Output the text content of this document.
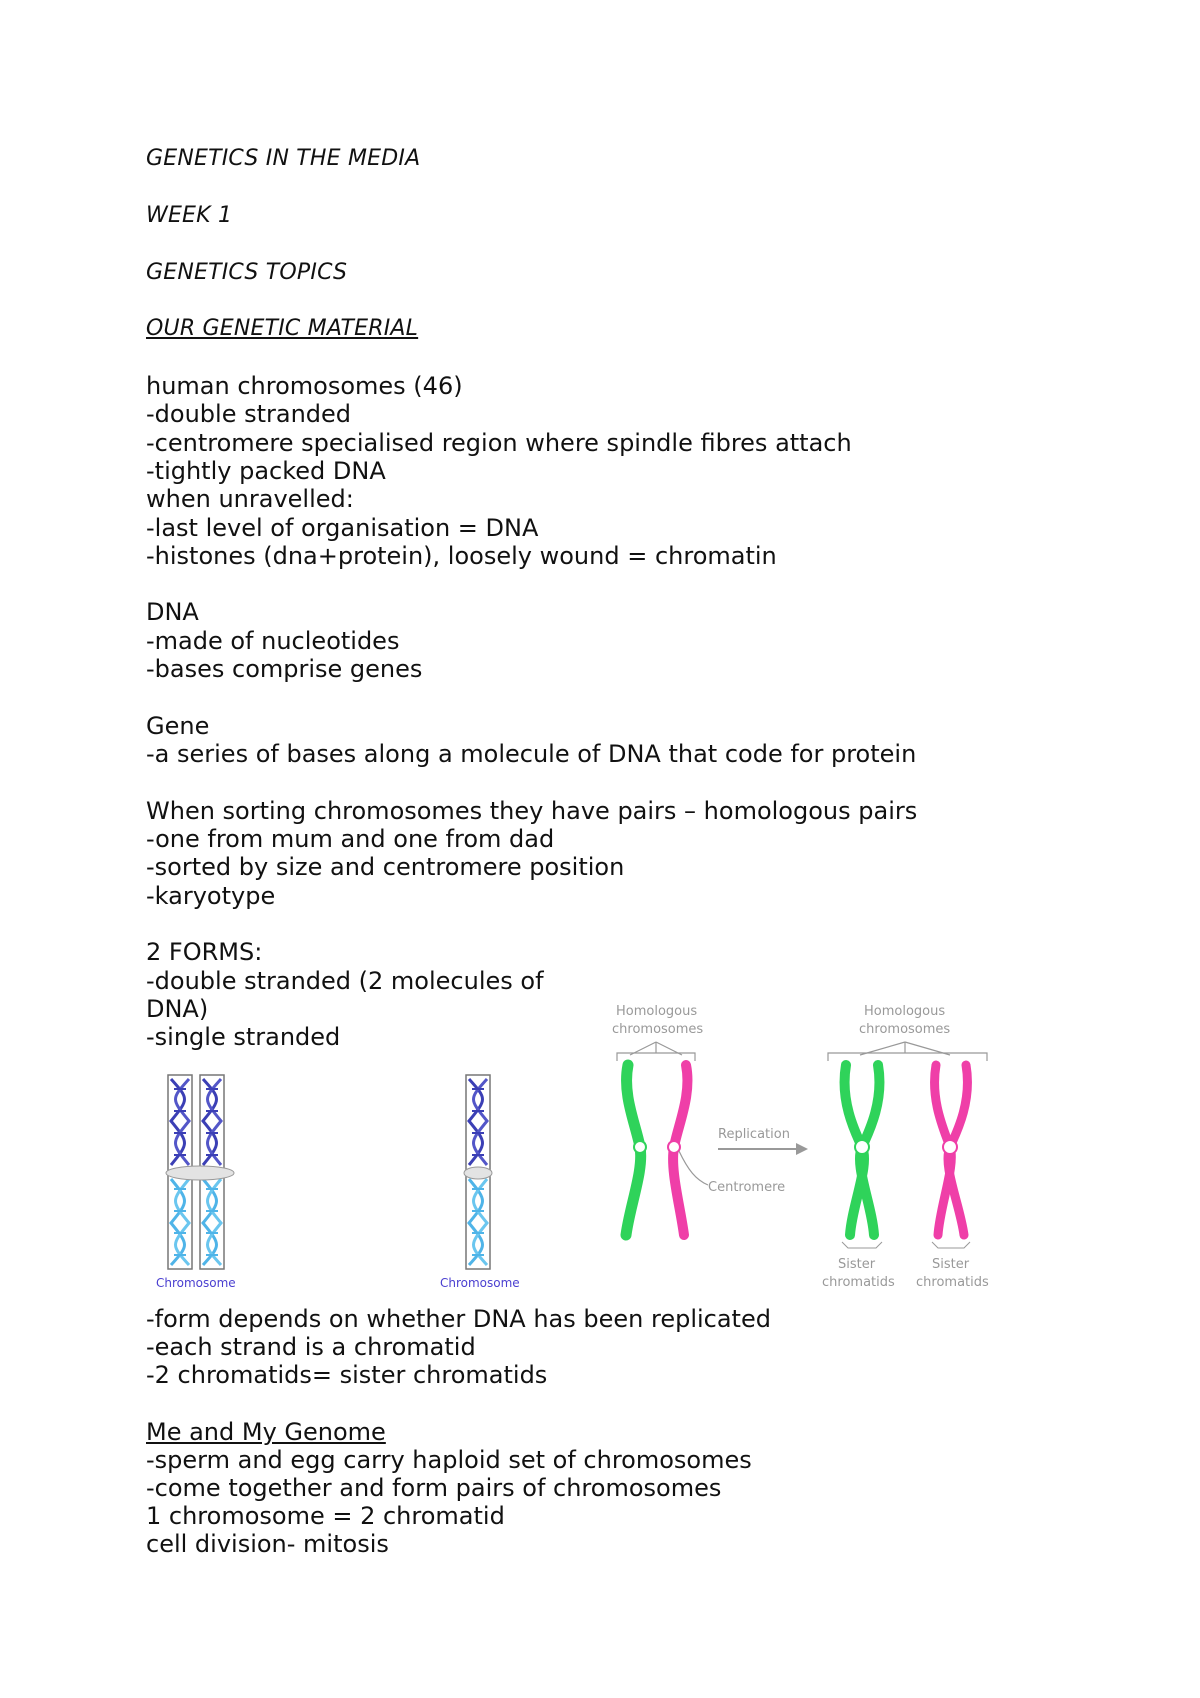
GENETICS IN THE MEDIA
WEEK 1
GENETICS TOPICS
OUR GENETIC MATERIAL
human chromosomes (46)
-double stranded
-centromere specialised region where spindle fibres attach
-tightly packed DNA
when unravelled:
-last level of organisation = DNA
-histones (dna+protein), loosely wound = chromatin
DNA
-made of nucleotides
-bases comprise genes
Gene
-a series of bases along a molecule of DNA that code for protein
When sorting chromosomes they have pairs – homologous pairs
-one from mum and one from dad
-sorted by size and centromere position
-karyotype
2 FORMS:
-double stranded (2 molecules of
DNA)
-single stranded
Chromosome	Chromosome
Homologous
chromosomes
Centromere
Replication
Homologous
chromosomes
Sister
chromatids
Sister
chromatids
-form depends on whether DNA has been replicated
-each strand is a chromatid
-2 chromatids= sister chromatids
Me and My Genome
-sperm and egg carry haploid set of chromosomes
-come together and form pairs of chromosomes
1 chromosome = 2 chromatid
cell division- mitosis
